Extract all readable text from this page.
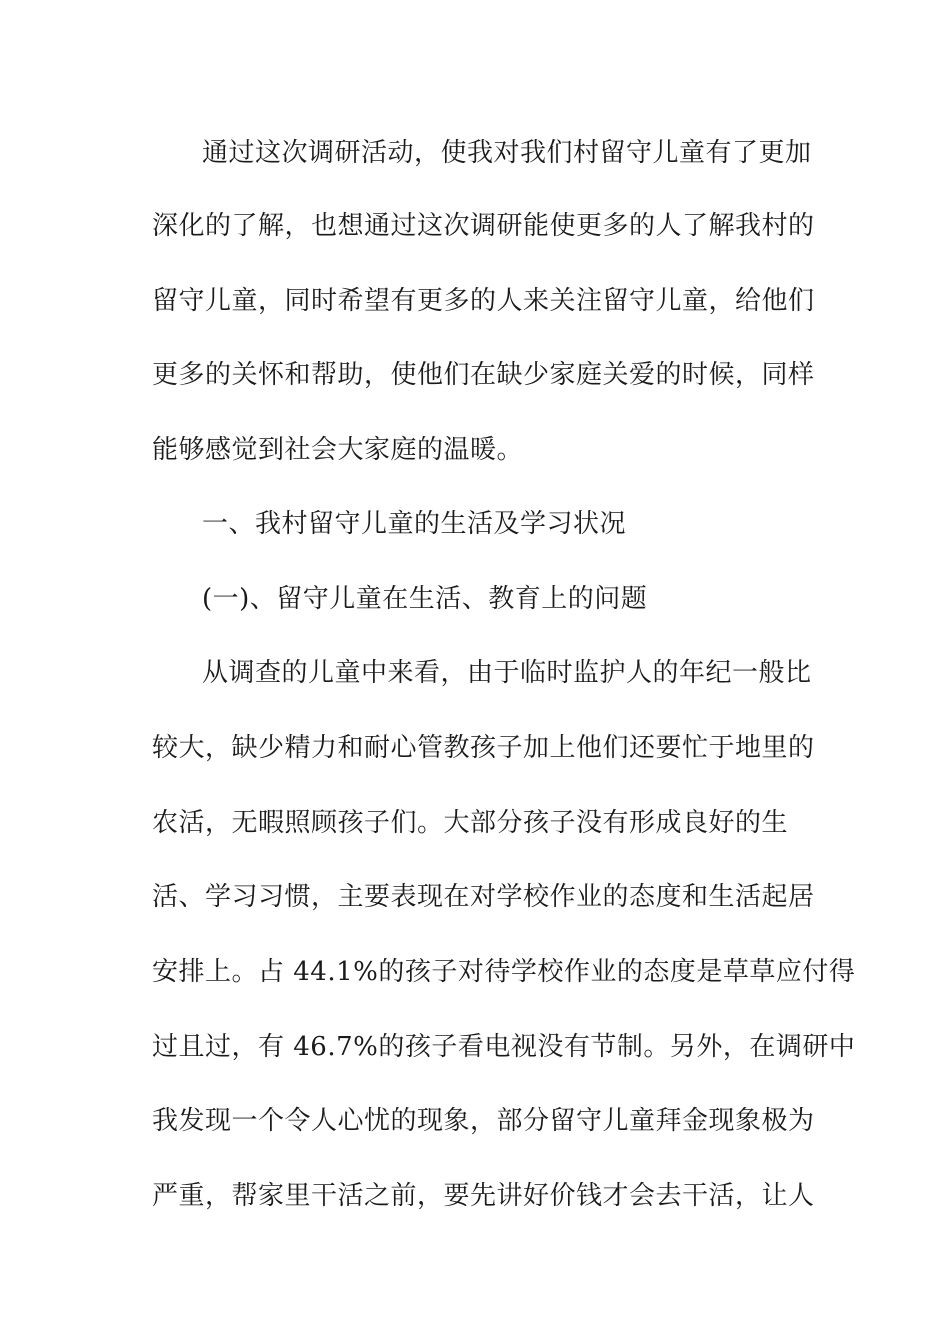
通过这次调研活动，使我对我们村留守儿童有了更加
深化的了解，也想通过这次调研能使更多的人了解我村的
留守儿童，同时希望有更多的人来关注留守儿童，给他们
更多的关怀和帮助，使他们在缺少家庭关爱的时候，同样
能够感觉到社会大家庭的温暖。
一、我村留守儿童的生活及学习状况
(一)、留守儿童在生活、教育上的问题
从调查的儿童中来看，由于临时监护人的年纪一般比
较大，缺少精力和耐心管教孩子加上他们还要忙于地里的
农活，无暇照顾孩子们。大部分孩子没有形成良好的生
活、学习习惯，主要表现在对学校作业的态度和生活起居
安排上。占 44.1%的孩子对待学校作业的态度是草草应付得
过且过，有 46.7%的孩子看电视没有节制。另外，在调研中
我发现一个令人心忧的现象，部分留守儿童拜金现象极为
严重，帮家里干活之前，要先讲好价钱才会去干活，让人
